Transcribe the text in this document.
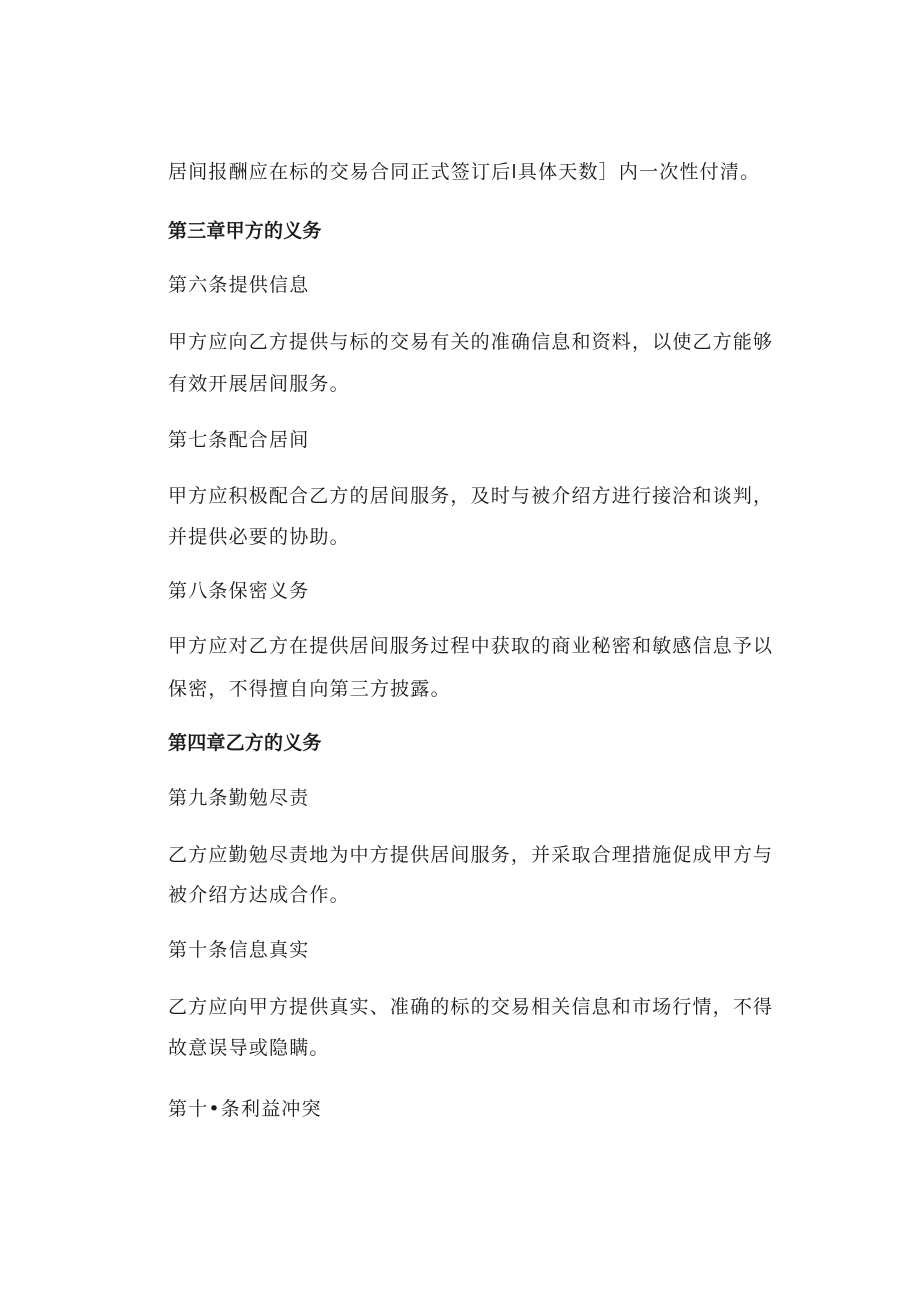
居间报酬应在标的交易合同正式签订后l具体天数］内一次性付清。
第三章甲方的义务
第六条提供信息
甲方应向乙方提供与标的交易有关的准确信息和资料，以使乙方能够
有效开展居间服务。
第七条配合居间
甲方应积极配合乙方的居间服务，及时与被介绍方进行接洽和谈判，
并提供必要的协助。
第八条保密义务
甲方应对乙方在提供居间服务过程中获取的商业秘密和敏感信息予以
保密，不得擅自向第三方披露。
第四章乙方的义务
第九条勤勉尽责
乙方应勤勉尽责地为中方提供居间服务，并采取合理措施促成甲方与
被介绍方达成合作。
第十条信息真实
乙方应向甲方提供真实、准确的标的交易相关信息和市场行情，不得
故意误导或隐瞒。
第十•条利益冲突
